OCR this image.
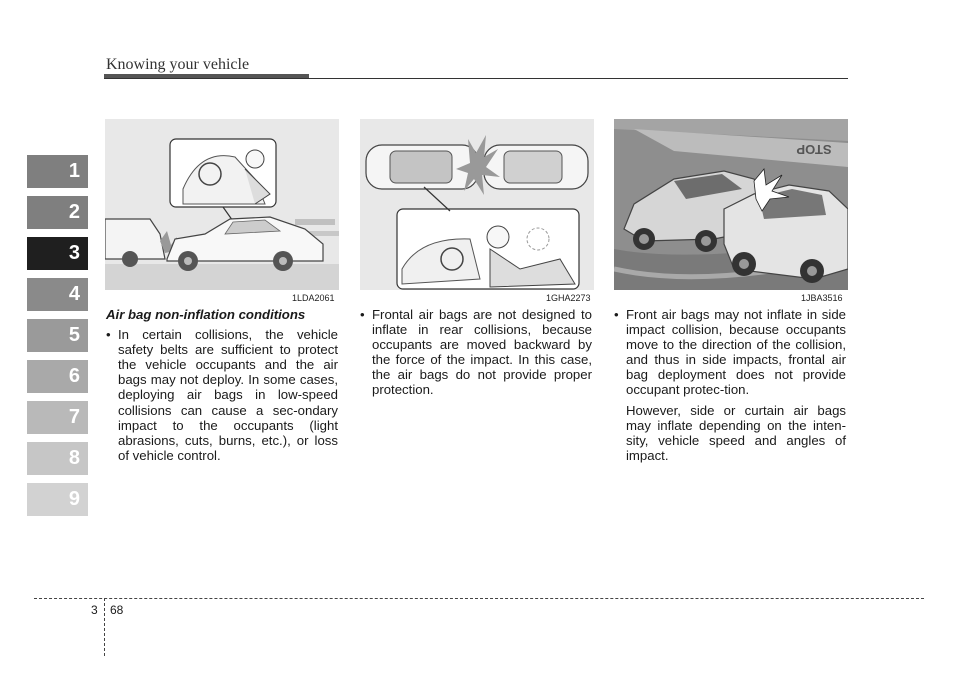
Knowing your vehicle
1
2
3
4
5
6
7
8
9
1LDA2061	1GHA2273
STOP
1JBA3516
Air bag non-inflation conditions
• In certain collisions, the vehicle safety belts are sufficient to protect the vehicle occupants and the air bags may not deploy. In some cases, deploying air bags in low-speed collisions can cause a sec-ondary impact to the occupants (light abrasions, cuts, burns, etc.), or loss of vehicle control.
• Frontal air bags are not designed to inflate in rear collisions, because occupants are moved backward by the force of the impact. In this case, the air bags do not provide proper protection.
• Front air bags may not inflate in side impact collision, because occupants move to the direction of the collision, and thus in side impacts, frontal air bag deployment does not provide occupant protec-tion.
However, side or curtain air bags may inflate depending on the inten-sity, vehicle speed and angles of impact.
3 68
